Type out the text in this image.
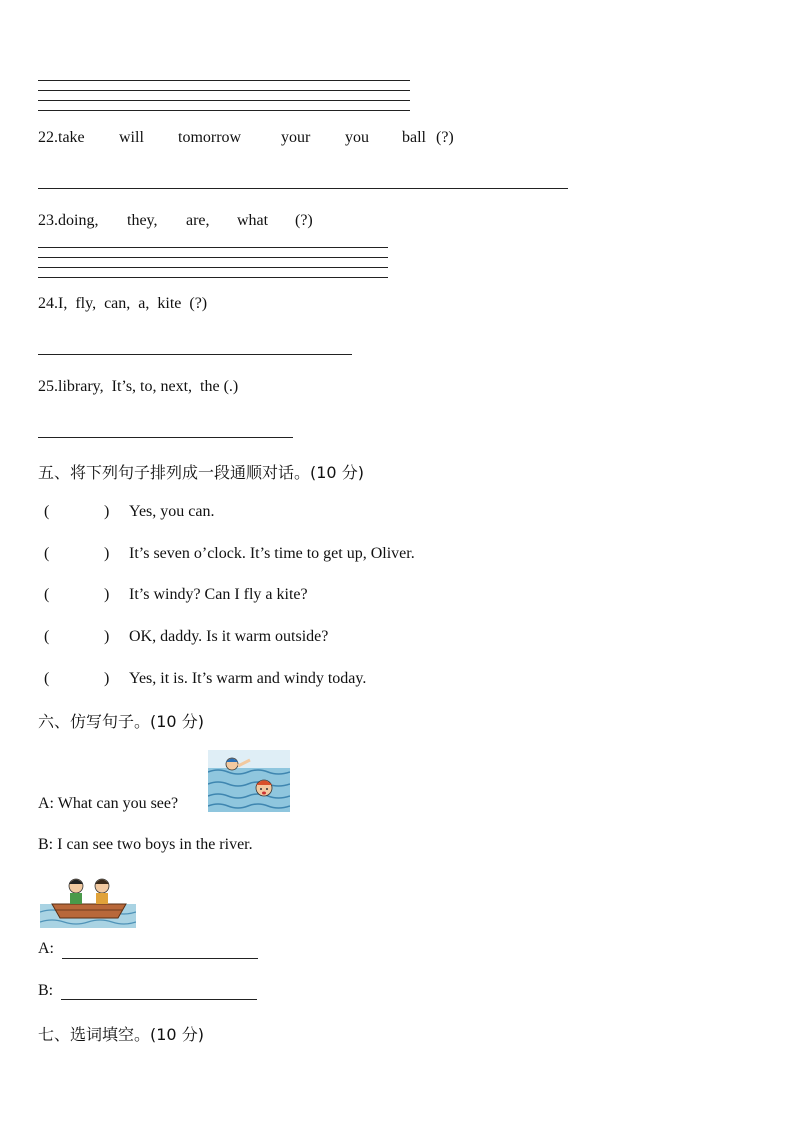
22.take will tomorrow your you ball (?)
23.doing, they, are, what (?)
24.I,  fly,  can,  a,  kite  (?)
25.library,  It’s, to, next,  the (.)
五、将下列句子排列成一段通顺对话。(10 分)
(	)	Yes, you can.
(	)	It’s seven o’clock. It’s time to get up, Oliver.
(	)	It’s windy? Can I fly a kite?
(	)	OK, daddy. Is it warm outside?
(	)	Yes, it is. It’s warm and windy today.
六、仿写句子。(10 分)
A: What can you see?
B: I can see two boys in the river.
A:
B:
七、选词填空。(10 分)
